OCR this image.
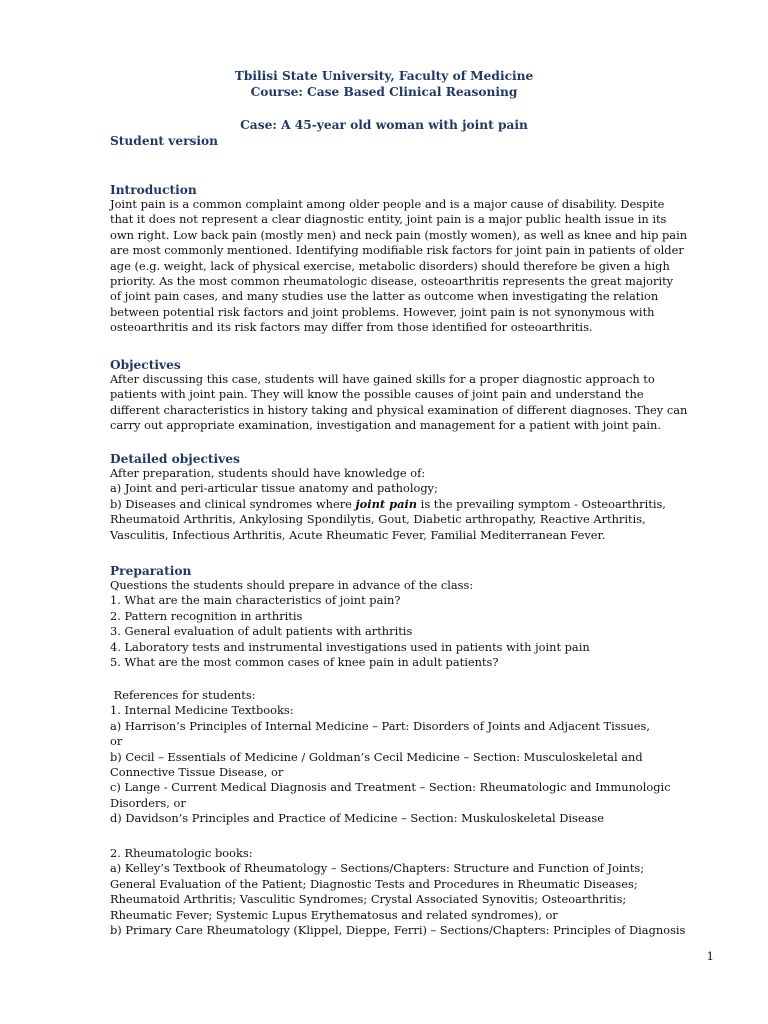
Tbilisi State University, Faculty of Medicine
Course: Case Based Clinical Reasoning
Case: A 45-year old woman with joint pain
Student version
Introduction
Joint pain is a common complaint among older people and is a major cause of disability. Despite
that it does not represent a clear diagnostic entity, joint pain is a major public health issue in its
own right. Low back pain (mostly men) and neck pain (mostly women), as well as knee and hip pain
are most commonly mentioned. Identifying modifiable risk factors for joint pain in patients of older
age (e.g. weight, lack of physical exercise, metabolic disorders) should therefore be given a high
priority. As the most common rheumatologic disease, osteoarthritis represents the great majority
of joint pain cases, and many studies use the latter as outcome when investigating the relation
between potential risk factors and joint problems. However, joint pain is not synonymous with
osteoarthritis and its risk factors may differ from those identified for osteoarthritis.
Objectives
After discussing this case, students will have gained skills for a proper diagnostic approach to
patients with joint pain. They will know the possible causes of joint pain and understand the
different characteristics in history taking and physical examination of different diagnoses. They can
carry out appropriate examination, investigation and management for a patient with joint pain.
Detailed objectives
After preparation, students should have knowledge of:
a) Joint and peri-articular tissue anatomy and pathology;
b) Diseases and clinical syndromes where joint pain is the prevailing symptom - Osteoarthritis,
Rheumatoid Arthritis, Ankylosing Spondilytis, Gout, Diabetic arthropathy, Reactive Arthritis,
Vasculitis, Infectious Arthritis, Acute Rheumatic Fever, Familial Mediterranean Fever.
Preparation
Questions the students should prepare in advance of the class:
1. What are the main characteristics of joint pain?
2. Pattern recognition in arthritis
3. General evaluation of adult patients with arthritis
4. Laboratory tests and instrumental investigations used in patients with joint pain
5. What are the most common cases of knee pain in adult patients?
References for students:
1. Internal Medicine Textbooks:
a) Harrison’s Principles of Internal Medicine – Part: Disorders of Joints and Adjacent Tissues,
or
b) Cecil – Essentials of Medicine / Goldman’s Cecil Medicine – Section: Musculoskeletal and
Connective Tissue Disease, or
c) Lange - Current Medical Diagnosis and Treatment – Section: Rheumatologic and Immunologic
Disorders, or
d) Davidson’s Principles and Practice of Medicine – Section: Muskuloskeletal Disease
2. Rheumatologic books:
a) Kelley’s Textbook of Rheumatology – Sections/Chapters: Structure and Function of Joints;
General Evaluation of the Patient; Diagnostic Tests and Procedures in Rheumatic Diseases;
Rheumatoid Arthritis; Vasculitic Syndromes; Crystal Associated Synovitis; Osteoarthritis;
Rheumatic Fever; Systemic Lupus Erythematosus and related syndromes), or
b) Primary Care Rheumatology (Klippel, Dieppe, Ferri) – Sections/Chapters: Principles of Diagnosis
1
